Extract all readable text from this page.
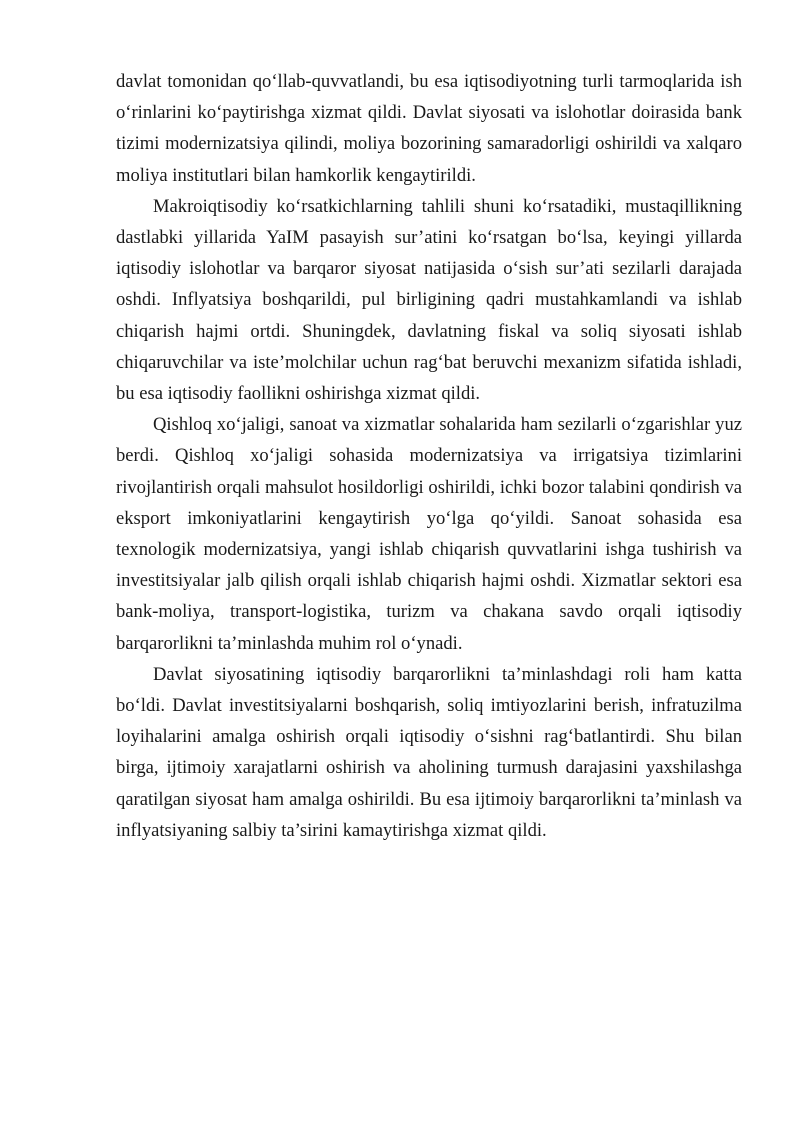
davlat tomonidan qo‘llab-quvvatlandi, bu esa iqtisodiyotning turli tarmoqlarida ish o‘rinlarini ko‘paytirishga xizmat qildi. Davlat siyosati va islohotlar doirasida bank tizimi modernizatsiya qilindi, moliya bozorining samaradorligi oshirildi va xalqaro moliya institutlari bilan hamkorlik kengaytirildi.

Makroiqtisodiy ko‘rsatkichlarning tahlili shuni ko‘rsatadiki, mustaqillikning dastlabki yillarida YaIM pasayish sur’atini ko‘rsatgan bo‘lsa, keyingi yillarda iqtisodiy islohotlar va barqaror siyosat natijasida o‘sish sur’ati sezilarli darajada oshdi. Inflyatsiya boshqarildi, pul birligining qadri mustahkamlandi va ishlab chiqarish hajmi ortdi. Shuningdek, davlatning fiskal va soliq siyosati ishlab chiqaruvchilar va iste’molchilar uchun rag‘bat beruvchi mexanizm sifatida ishladi, bu esa iqtisodiy faollikni oshirishga xizmat qildi.

Qishloq xo‘jaligi, sanoat va xizmatlar sohalarida ham sezilarli o‘zgarishlar yuz berdi. Qishloq xo‘jaligi sohasida modernizatsiya va irrigatsiya tizimlarini rivojlantirish orqali mahsulot hosildorligi oshirildi, ichki bozor talabini qondirish va eksport imkoniyatlarini kengaytirish yo‘lga qo‘yildi. Sanoat sohasida esa texnologik modernizatsiya, yangi ishlab chiqarish quvvatlarini ishga tushirish va investitsiyalar jalb qilish orqali ishlab chiqarish hajmi oshdi. Xizmatlar sektori esa bank-moliya, transport-logistika, turizm va chakana savdo orqali iqtisodiy barqarorlikni ta’minlashda muhim rol o‘ynadi.

Davlat siyosatining iqtisodiy barqarorlikni ta’minlashdagi roli ham katta bo‘ldi. Davlat investitsiyalarni boshqarish, soliq imtiyozlarini berish, infratuzilma loyihalarini amalga oshirish orqali iqtisodiy o‘sishni rag‘batlantirdi. Shu bilan birga, ijtimoiy xarajatlarni oshirish va aholining turmush darajasini yaxshilashga qaratilgan siyosat ham amalga oshirildi. Bu esa ijtimoiy barqarorlikni ta’minlash va inflyatsiyaning salbiy ta’sirini kamaytirishga xizmat qildi.
